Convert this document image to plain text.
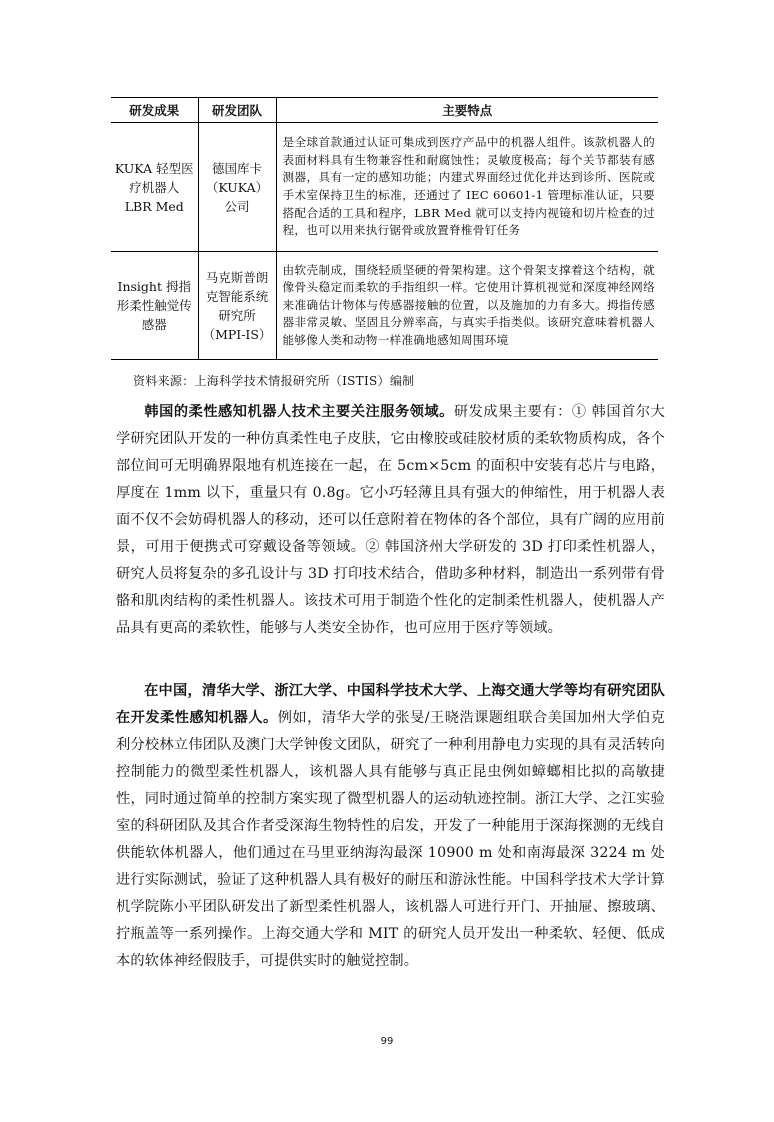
研发成果	研发团队	主要特点
KUKA 轻型医疗机器人 LBR Med	德国库卡（KUKA）公司	是全球首款通过认证可集成到医疗产品中的机器人组件。该款机器人的表面材料具有生物兼容性和耐腐蚀性；灵敏度极高；每个关节都装有感测器，具有一定的感知功能；内建式界面经过优化并达到诊所、医院或手术室保持卫生的标准，还通过了 IEC 60601-1 管理标准认证，只要搭配合适的工具和程序，LBR Med 就可以支持内视镜和切片检查的过程，也可以用来执行锯骨或放置脊椎骨钉任务
Insight 拇指形柔性触觉传感器	马克斯普朗克智能系统研究所（MPI-IS）	由软壳制成，围绕轻质坚硬的骨架构建。这个骨架支撑着这个结构，就像骨头稳定而柔软的手指组织一样。它使用计算机视觉和深度神经网络来准确估计物体与传感器接触的位置，以及施加的力有多大。拇指传感器非常灵敏、坚固且分辨率高，与真实手指类似。该研究意味着机器人能够像人类和动物一样准确地感知周围环境
资料来源：上海科学技术情报研究所（ISTIS）编制

韩国的柔性感知机器人技术主要关注服务领域。研发成果主要有：① 韩国首尔大学研究团队开发的一种仿真柔性电子皮肤，它由橡胶或硅胶材质的柔软物质构成，各个部位间可无明确界限地有机连接在一起，在 5cm×5cm 的面积中安装有芯片与电路，厚度在 1mm 以下，重量只有 0.8g。它小巧轻薄且具有强大的伸缩性，用于机器人表面不仅不会妨碍机器人的移动，还可以任意附着在物体的各个部位，具有广阔的应用前景，可用于便携式可穿戴设备等领域。② 韩国济州大学研发的 3D 打印柔性机器人，研究人员将复杂的多孔设计与 3D 打印技术结合，借助多种材料，制造出一系列带有骨骼和肌肉结构的柔性机器人。该技术可用于制造个性化的定制柔性机器人，使机器人产品具有更高的柔软性，能够与人类安全协作，也可应用于医疗等领域。

在中国，清华大学、浙江大学、中国科学技术大学、上海交通大学等均有研究团队在开发柔性感知机器人。例如，清华大学的张旻/王晓浩课题组联合美国加州大学伯克利分校林立伟团队及澳门大学钟俊文团队，研究了一种利用静电力实现的具有灵活转向控制能力的微型柔性机器人，该机器人具有能够与真正昆虫例如蟑螂相比拟的高敏捷性，同时通过简单的控制方案实现了微型机器人的运动轨迹控制。浙江大学、之江实验室的科研团队及其合作者受深海生物特性的启发，开发了一种能用于深海探测的无线自供能软体机器人，他们通过在马里亚纳海沟最深 10900 m 处和南海最深 3224 m 处进行实际测试，验证了这种机器人具有极好的耐压和游泳性能。中国科学技术大学计算机学院陈小平团队研发出了新型柔性机器人，该机器人可进行开门、开抽屉、擦玻璃、拧瓶盖等一系列操作。上海交通大学和 MIT 的研究人员开发出一种柔软、轻便、低成本的软体神经假肢手，可提供实时的触觉控制。

99
